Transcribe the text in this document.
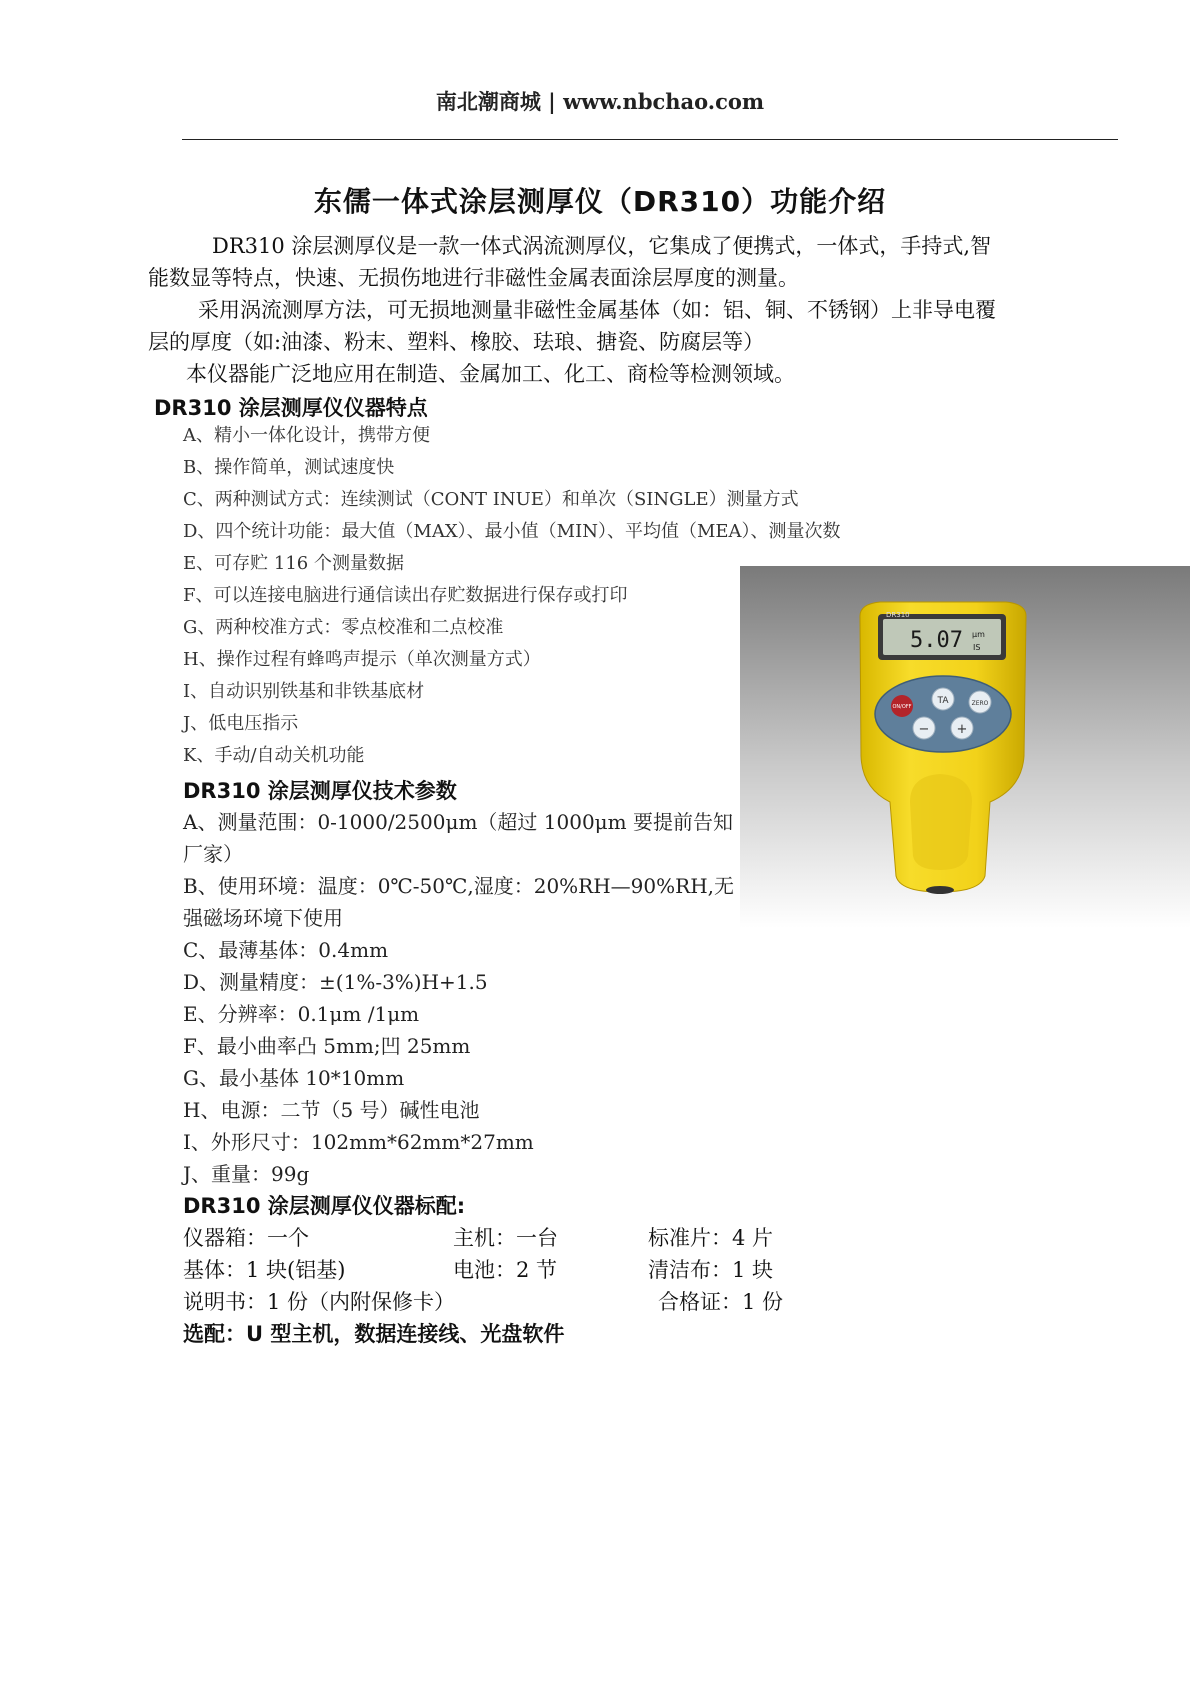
南北潮商城 | www.nbchao.com
东儒一体式涂层测厚仪（DR310）功能介绍

DR310 涂层测厚仪是一款一体式涡流测厚仪，它集成了便携式，一体式，手持式,智

能数显等特点，快速、无损伤地进行非磁性金属表面涂层厚度的测量。

采用涡流测厚方法，可无损地测量非磁性金属基体（如：铝、铜、不锈钢）上非导电覆

层的厚度（如:油漆、粉末、塑料、橡胶、珐琅、搪瓷、防腐层等）

本仪器能广泛地应用在制造、金属加工、化工、商检等检测领域。

DR310 涂层测厚仪仪器特点
A、精小一体化设计，携带方便
B、操作简单，测试速度快
C、两种测试方式：连续测试（CONT INUE）和单次（SINGLE）测量方式
D、四个统计功能：最大值（MAX）、最小值（MIN）、平均值（MEA）、测量次数
E、可存贮 116 个测量数据
F、可以连接电脑进行通信读出存贮数据进行保存或打印
G、两种校准方式：零点校准和二点校准
H、操作过程有蜂鸣声提示（单次测量方式）
I、自动识别铁基和非铁基底材
J、低电压指示
K、手动/自动关机功能
DR310 涂层测厚仪技术参数
A、测量范围：0-1000/2500μm（超过 1000μm 要提前告知厂家）
B、使用环境：温度：0℃-50℃,湿度：20%RH—90%RH,无强磁场环境下使用
C、最薄基体：0.4mm
D、测量精度：±(1%-3%)H+1.5
E、分辨率：0.1μm /1μm
F、最小曲率凸 5mm;凹 25mm
G、最小基体 10*10mm
H、电源：二节（5 号）碱性电池
I、外形尺寸：102mm*62mm*27mm
J、重量：99g
DR310 涂层测厚仪仪器标配:
仪器箱：一个	主机：一台	标准片：4 片
基体：1 块(铝基)	电池：2 节	清洁布：1 块
说明书：1 份（内附保修卡）	合格证：1 份
选配：U 型主机，数据连接线、光盘软件
DR310
5.07 μm
IS
ON/OFF
TA	ZERO
− +
